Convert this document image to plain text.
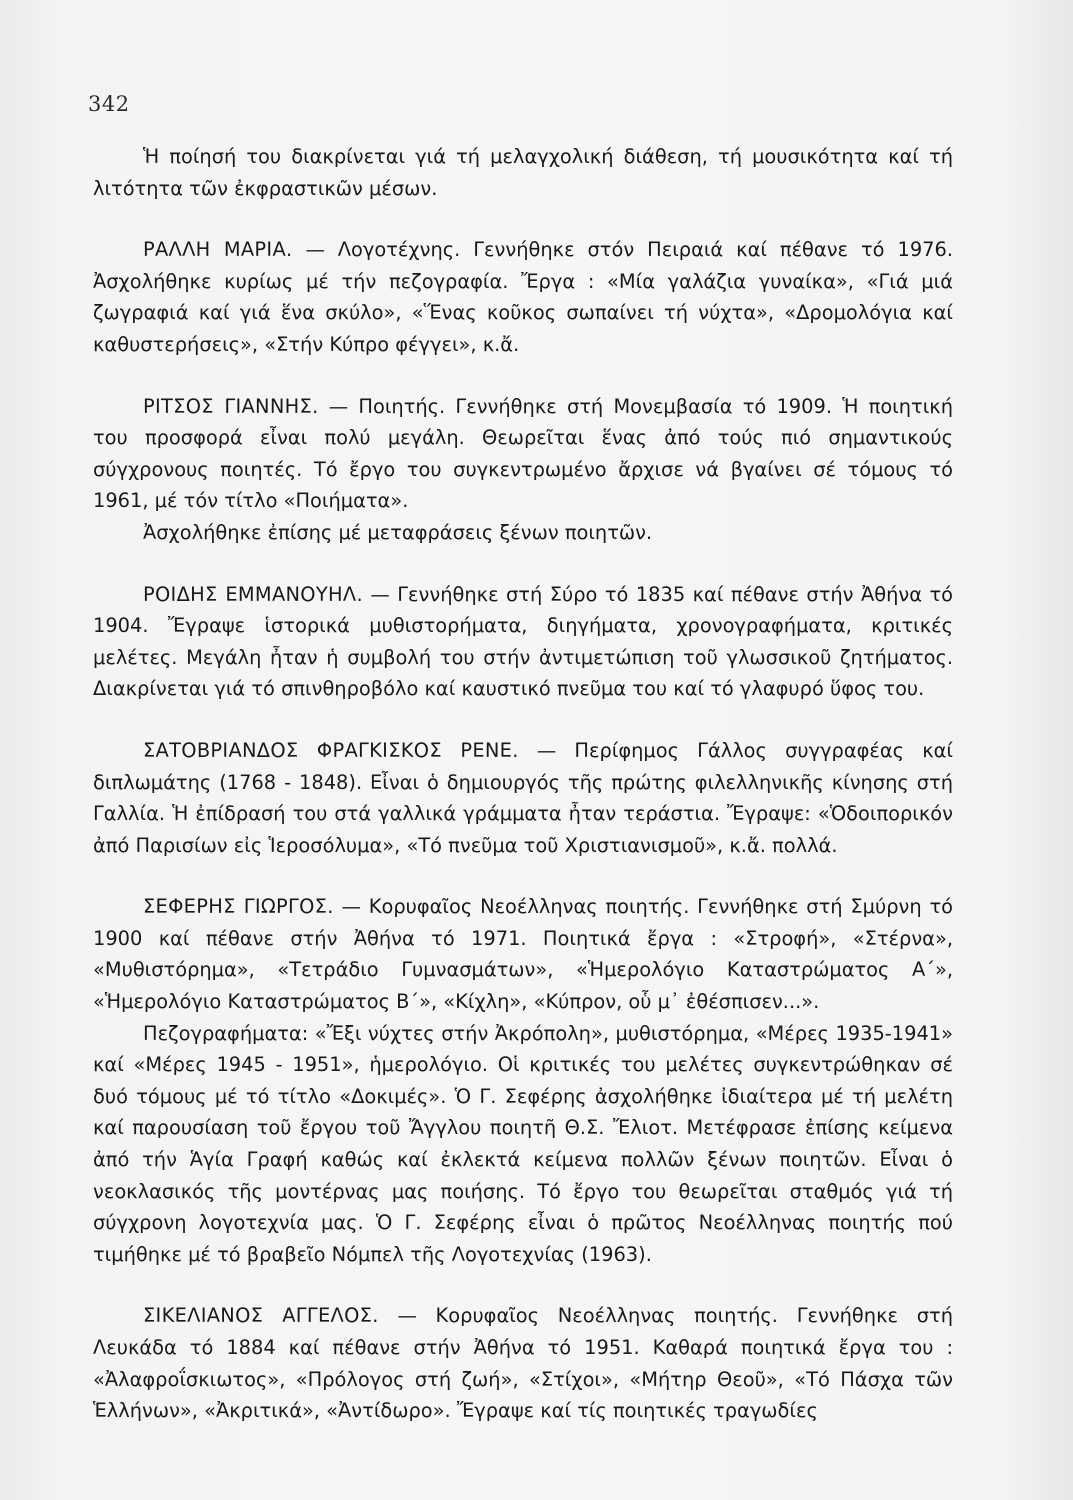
342

Ἡ ποίησή του διακρίνεται γιά τή μελαγχολική διάθεση, τή μουσικότητα καί τή λιτότητα τῶν ἐκφραστικῶν μέσων.

ΡΑΛΛΗ ΜΑΡΙΑ. — Λογοτέχνης. Γεννήθηκε στόν Πειραιά καί πέθανε τό 1976. Ἀσχολήθηκε κυρίως μέ τήν πεζογραφία. Ἔργα : «Μία γαλάζια γυναίκα», «Γιά μιά ζωγραφιά καί γιά ἕνα σκύλο», «Ἕνας κοῦκος σωπαίνει τή νύχτα», «Δρομολόγια καί καθυστερήσεις», «Στήν Κύπρο φέγγει», κ.ἄ.

ΡΙΤΣΟΣ ΓΙΑΝΝΗΣ. — Ποιητής. Γεννήθηκε στή Μονεμβασία τό 1909. Ἡ ποιητική του προσφορά εἶναι πολύ μεγάλη. Θεωρεῖται ἕνας ἀπό τούς πιό σημαντικούς σύγχρονους ποιητές. Τό ἔργο του συγκεντρωμένο ἄρχισε νά βγαίνει σέ τόμους τό 1961, μέ τόν τίτλο «Ποιήματα».

Ἀσχολήθηκε ἐπίσης μέ μεταφράσεις ξένων ποιητῶν.

ΡΟΙΔΗΣ ΕΜΜΑΝΟΥΗΛ. — Γεννήθηκε στή Σύρο τό 1835 καί πέθανε στήν Ἀθήνα τό 1904. Ἔγραψε ἱστορικά μυθιστορήματα, διηγήματα, χρονογραφήματα, κριτικές μελέτες. Μεγάλη ἦταν ἡ συμβολή του στήν ἀντιμετώπιση τοῦ γλωσσικοῦ ζητήματος. Διακρίνεται γιά τό σπινθηροβόλο καί καυστικό πνεῦμα του καί τό γλαφυρό ὕφος του.

ΣΑΤΟΒΡΙΑΝΔΟΣ ΦΡΑΓΚΙΣΚΟΣ ΡΕΝΕ. — Περίφημος Γάλλος συγγραφέας καί διπλωμάτης (1768 - 1848). Εἶναι ὁ δημιουργός τῆς πρώτης φιλελληνικῆς κίνησης στή Γαλλία. Ἡ ἐπίδρασή του στά γαλλικά γράμματα ἦταν τεράστια. Ἔγραψε: «Ὁδοιπορικόν ἀπό Παρισίων εἰς Ἱεροσόλυμα», «Τό πνεῦμα τοῦ Χριστιανισμοῦ», κ.ἄ. πολλά.

ΣΕΦΕΡΗΣ ΓΙΩΡΓΟΣ. — Κορυφαῖος Νεοέλληνας ποιητής. Γεννήθηκε στή Σμύρνη τό 1900 καί πέθανε στήν Ἀθήνα τό 1971. Ποιητικά ἔργα : «Στροφή», «Στέρνα», «Μυθιστόρημα», «Τετράδιο Γυμνασμάτων», «Ἡμερολόγιο Καταστρώματος Α΄», «Ἡμερολόγιο Καταστρώματος Β΄», «Κίχλη», «Κύπρον, οὗ μ᾿ ἐθέσπισεν...».

Πεζογραφήματα: «Ἔξι νύχτες στήν Ἀκρόπολη», μυθιστόρημα, «Μέρες 1935-1941» καί «Μέρες 1945 - 1951», ἡμερολόγιο. Οἱ κριτικές του μελέτες συγκεντρώθηκαν σέ δυό τόμους μέ τό τίτλο «Δοκιμές». Ὁ Γ. Σεφέρης ἀσχολήθηκε ἰδιαίτερα μέ τή μελέτη καί παρουσίαση τοῦ ἔργου τοῦ Ἄγγλου ποιητῆ Θ.Σ. Ἔλιοτ. Μετέφρασε ἐπίσης κείμενα ἀπό τήν Ἁγία Γραφή καθώς καί ἐκλεκτά κείμενα πολλῶν ξένων ποιητῶν. Εἶναι ὁ νεοκλασικός τῆς μοντέρνας μας ποιήσης. Τό ἔργο του θεωρεῖται σταθμός γιά τή σύγχρονη λογοτεχνία μας. Ὁ Γ. Σεφέρης εἶναι ὁ πρῶτος Νεοέλληνας ποιητής πού τιμήθηκε μέ τό βραβεῖο Νόμπελ τῆς Λογοτεχνίας (1963).

ΣΙΚΕΛΙΑΝΟΣ ΑΓΓΕΛΟΣ. — Κορυφαῖος Νεοέλληνας ποιητής. Γεννήθηκε στή Λευκάδα τό 1884 καί πέθανε στήν Ἀθήνα τό 1951. Καθαρά ποιητικά ἔργα του : «Ἀλαφροΐσκιωτος», «Πρόλογος στή ζωή», «Στίχοι», «Μήτηρ Θεοῦ», «Τό Πάσχα τῶν Ἑλλήνων», «Ἀκριτικά», «Ἀντίδωρο». Ἔγραψε καί τίς ποιητικές τραγωδίες
